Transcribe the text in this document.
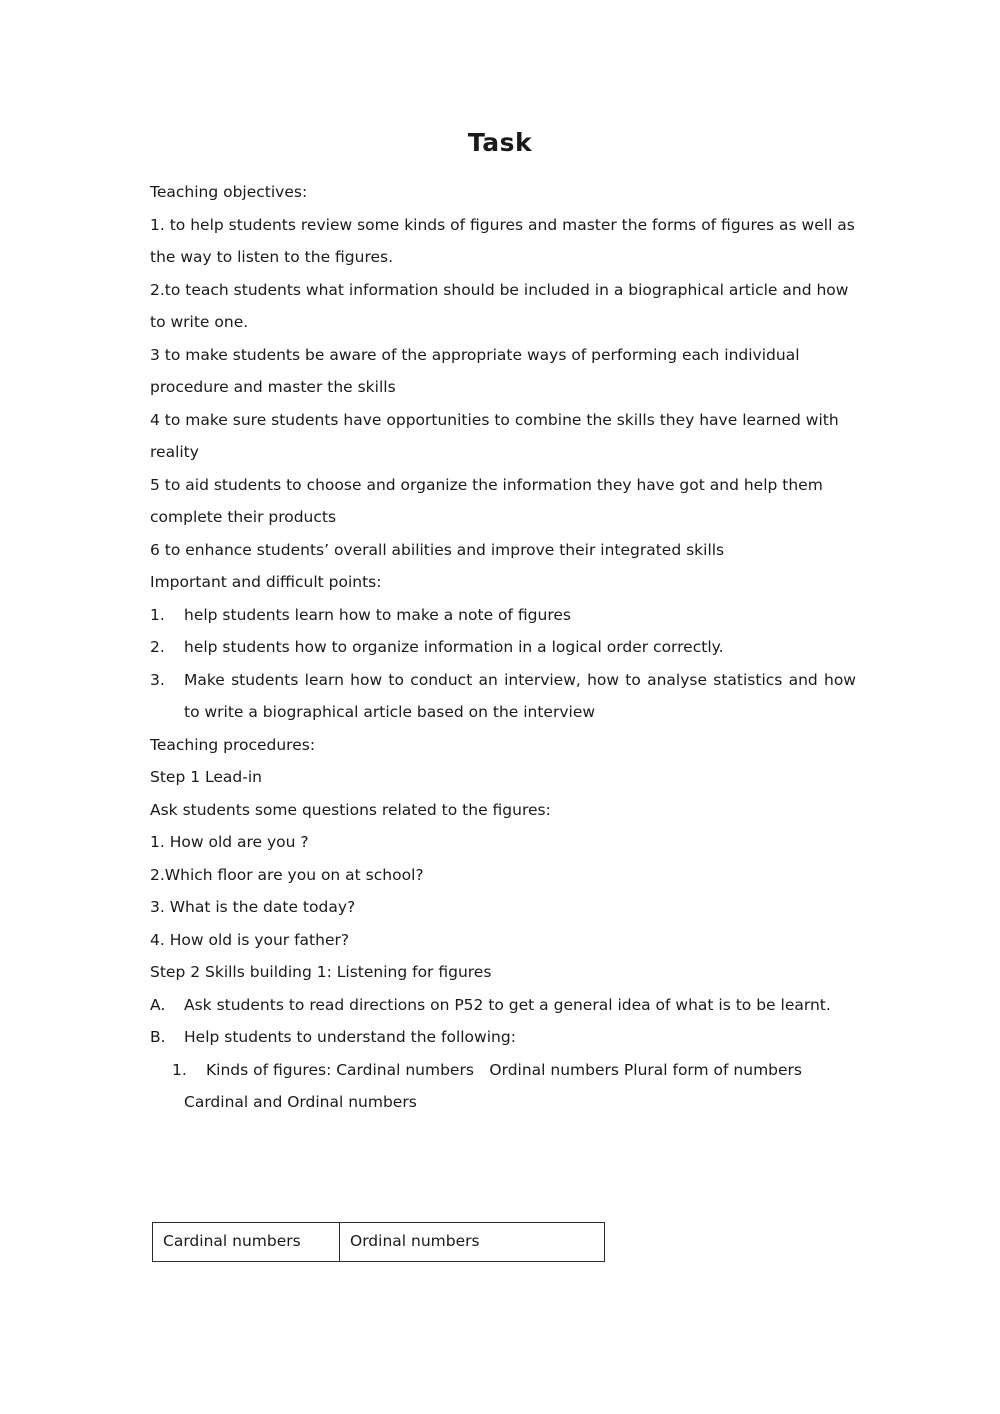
Task

Teaching objectives:

1. to help students review some kinds of figures and master the forms of figures as well as the way to listen to the figures.

2.to teach students what information should be included in a biographical article and how to write one.

3 to make students be aware of the appropriate ways of performing each individual procedure and master the skills

4 to make sure students have opportunities to combine the skills they have learned with reality

5 to aid students to choose and organize the information they have got and help them complete their products

6 to enhance students’ overall abilities and improve their integrated skills

Important and difficult points:

1. help students learn how to make a note of figures
2. help students how to organize information in a logical order correctly.
3. Make students learn how to conduct an interview, how to analyse statistics and how to write a biographical article based on the interview

Teaching procedures:

Step 1 Lead-in

Ask students some questions related to the figures:

1. How old are you ?

2.Which floor are you on at school?

3. What is the date today?

4. How old is your father?

Step 2 Skills building 1: Listening for figures

A. Ask students to read directions on P52 to get a general idea of what is to be learnt.
B. Help students to understand the following:
1. Kinds of figures: Cardinal numbers Ordinal numbers Plural form of numbers

Cardinal and Ordinal numbers

Cardinal numbers	Ordinal numbers
